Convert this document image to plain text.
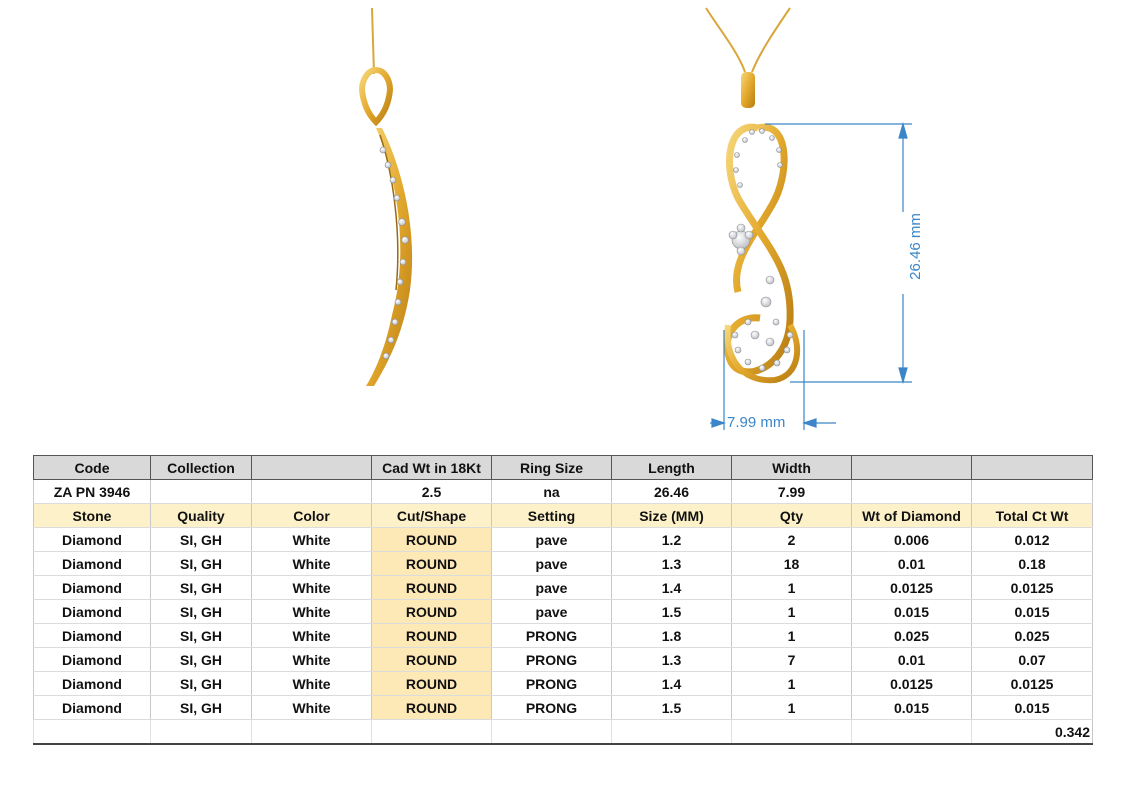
26.46 mm
7.99 mm
Code	Collection		Cad Wt in 18Kt	Ring Size	Length	Width		
ZA PN 3946			2.5	na	26.46	7.99		
Stone	Quality	Color	Cut/Shape	Setting	Size (MM)	Qty	Wt of Diamond	Total Ct Wt
Diamond	SI, GH	White	ROUND	pave	1.2	2	0.006	0.012
Diamond	SI, GH	White	ROUND	pave	1.3	18	0.01	0.18
Diamond	SI, GH	White	ROUND	pave	1.4	1	0.0125	0.0125
Diamond	SI, GH	White	ROUND	pave	1.5	1	0.015	0.015
Diamond	SI, GH	White	ROUND	PRONG	1.8	1	0.025	0.025
Diamond	SI, GH	White	ROUND	PRONG	1.3	7	0.01	0.07
Diamond	SI, GH	White	ROUND	PRONG	1.4	1	0.0125	0.0125
Diamond	SI, GH	White	ROUND	PRONG	1.5	1	0.015	0.015
								0.342
